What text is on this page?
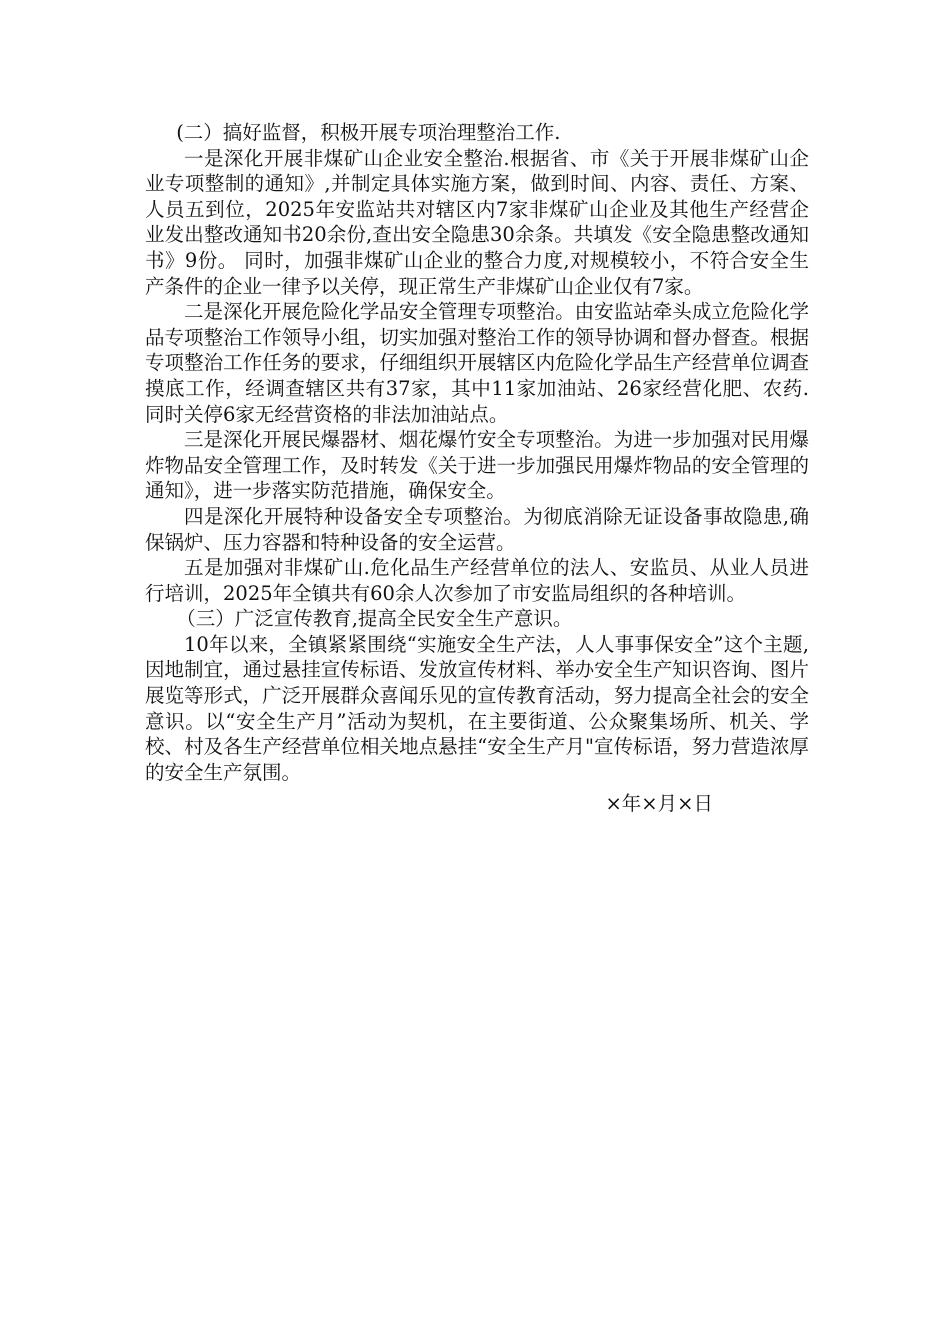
(二）搞好监督，积极开展专项治理整治工作.

一是深化开展非煤矿山企业安全整治.根据省、市《关于开展非煤矿山企业专项整制的通知》,并制定具体实施方案，做到时间、内容、责任、方案、人员五到位，2025年安监站共对辖区内7家非煤矿山企业及其他生产经营企业发出整改通知书20余份,查出安全隐患30余条。共填发《安全隐患整改通知书》9份。 同时，加强非煤矿山企业的整合力度,对规模较小，不符合安全生产条件的企业一律予以关停，现正常生产非煤矿山企业仅有7家。

二是深化开展危险化学品安全管理专项整治。由安监站牵头成立危险化学品专项整治工作领导小组，切实加强对整治工作的领导协调和督办督查。根据专项整治工作任务的要求，仔细组织开展辖区内危险化学品生产经营单位调查摸底工作，经调查辖区共有37家，其中11家加油站、26家经营化肥、农药.同时关停6家无经营资格的非法加油站点。

三是深化开展民爆器材、烟花爆竹安全专项整治。为进一步加强对民用爆炸物品安全管理工作，及时转发《关于进一步加强民用爆炸物品的安全管理的通知》，进一步落实防范措施，确保安全。

四是深化开展特种设备安全专项整治。为彻底消除无证设备事故隐患,确保锅炉、压力容器和特种设备的安全运营。

五是加强对非煤矿山.危化品生产经营单位的法人、安监员、从业人员进行培训，2025年全镇共有60余人次参加了市安监局组织的各种培训。

（三）广泛宣传教育,提高全民安全生产意识。

10年以来，全镇紧紧围绕“实施安全生产法，人人事事保安全”这个主题,因地制宜，通过悬挂宣传标语、发放宣传材料、举办安全生产知识咨询、图片展览等形式，广泛开展群众喜闻乐见的宣传教育活动，努力提高全社会的安全意识。以“安全生产月”活动为契机，在主要街道、公众聚集场所、机关、学校、村及各生产经营单位相关地点悬挂“安全生产月"宣传标语，努力营造浓厚的安全生产氛围。

×年×月×日
